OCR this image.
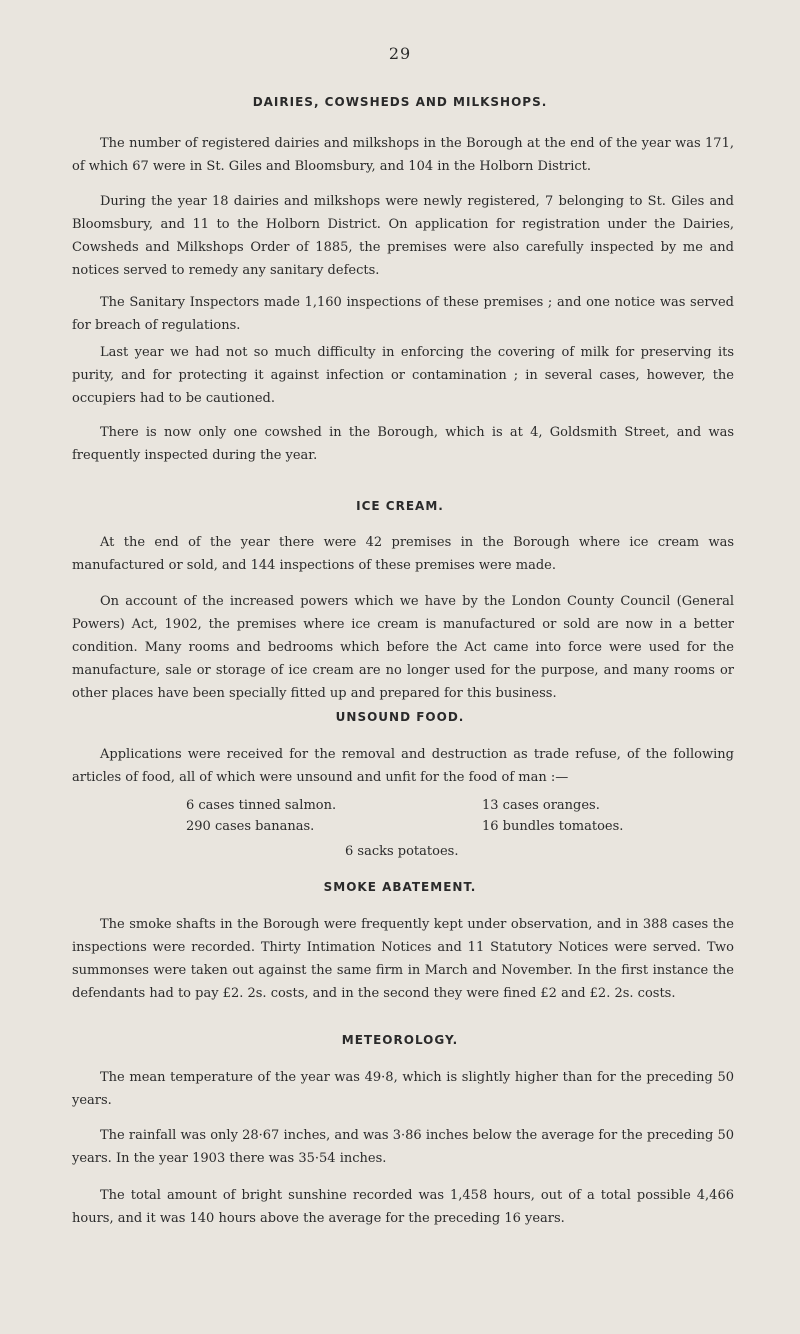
29
DAIRIES, COWSHEDS AND MILKSHOPS.

The number of registered dairies and milkshops in the Borough at the end of the year was 171, of which 67 were in St. Giles and Bloomsbury, and 104 in the Holborn District.

During the year 18 dairies and milkshops were newly registered, 7 belonging to St. Giles and Bloomsbury, and 11 to the Holborn District. On application for registration under the Dairies, Cowsheds and Milkshops Order of 1885, the premises were also carefully inspected by me and notices served to remedy any sanitary defects.

The Sanitary Inspectors made 1,160 inspections of these premises ; and one notice was served for breach of regulations.

Last year we had not so much difficulty in enforcing the covering of milk for preserving its purity, and for protecting it against infection or contamination ; in several cases, however, the occupiers had to be cautioned.

There is now only one cowshed in the Borough, which is at 4, Goldsmith Street, and was frequently inspected during the year.

ICE CREAM.

At the end of the year there were 42 premises in the Borough where ice cream was manufactured or sold, and 144 inspections of these premises were made.

On account of the increased powers which we have by the London County Council (General Powers) Act, 1902, the premises where ice cream is manufactured or sold are now in a better condition. Many rooms and bedrooms which before the Act came into force were used for the manufacture, sale or storage of ice cream are no longer used for the purpose, and many rooms or other places have been specially fitted up and prepared for this business.

UNSOUND FOOD.

Applications were received for the removal and destruction as trade refuse, of the following articles of food, all of which were unsound and unfit for the food of man :—

6 cases tinned salmon.	13 cases oranges.
290 cases bananas.	16 bundles tomatoes.
6 sacks potatoes.
SMOKE ABATEMENT.

The smoke shafts in the Borough were frequently kept under observation, and in 388 cases the inspections were recorded. Thirty Intimation Notices and 11 Statutory Notices were served. Two summonses were taken out against the same firm in March and November. In the first instance the defendants had to pay £2. 2s. costs, and in the second they were fined £2 and £2. 2s. costs.

METEOROLOGY.

The mean temperature of the year was 49·8, which is slightly higher than for the preceding 50 years.

The rainfall was only 28·67 inches, and was 3·86 inches below the average for the preceding 50 years. In the year 1903 there was 35·54 inches.

The total amount of bright sunshine recorded was 1,458 hours, out of a total possible 4,466 hours, and it was 140 hours above the average for the preceding 16 years.
